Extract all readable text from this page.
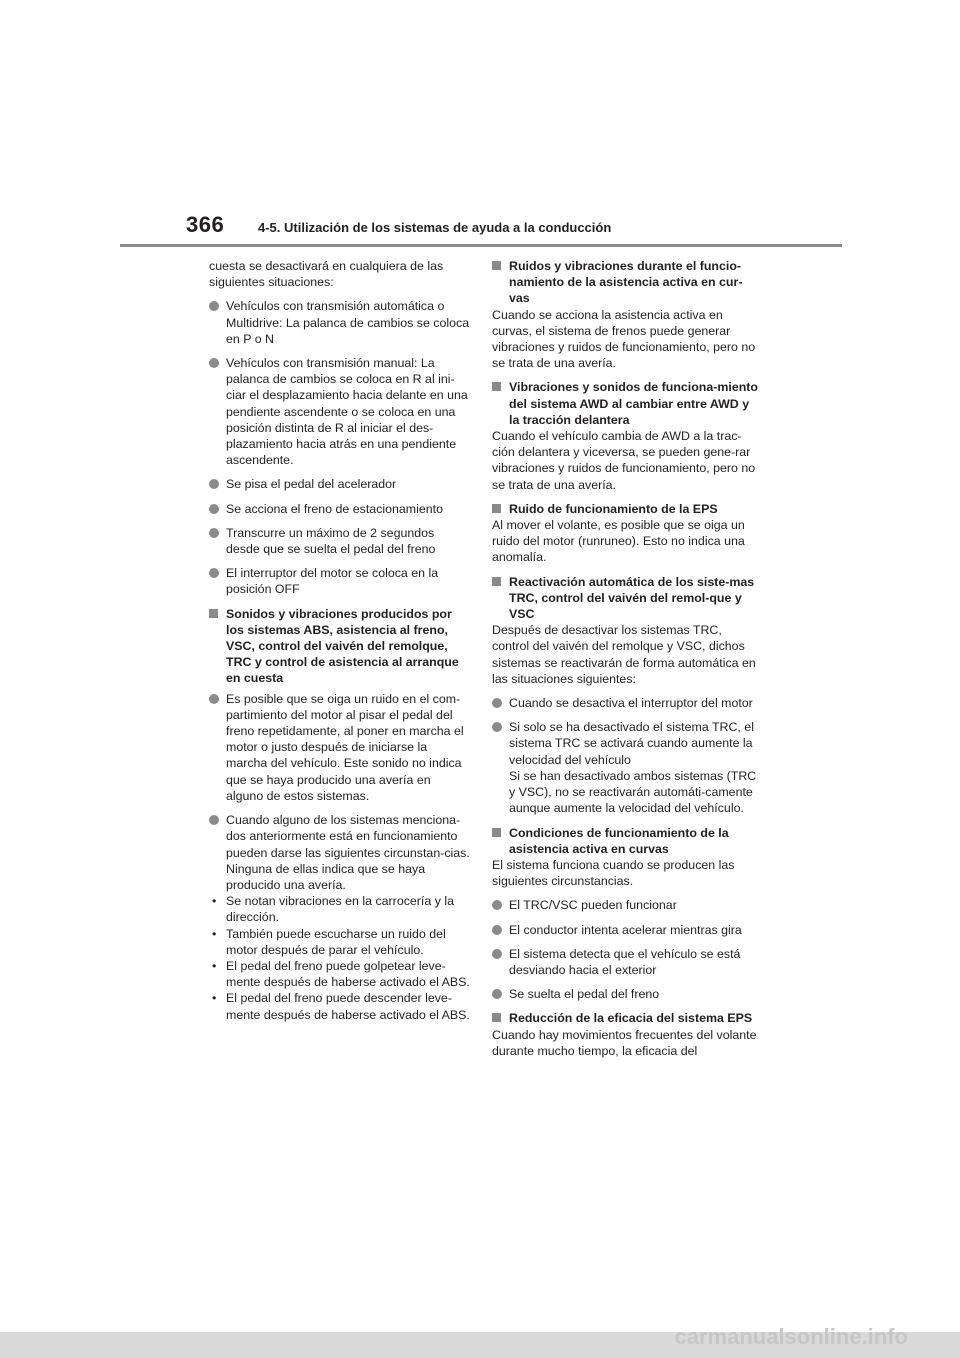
366	4-5. Utilización de los sistemas de ayuda a la conducción
cuesta se desactivará en cualquiera de las siguientes situaciones:
Vehículos con transmisión automática o Multidrive: La palanca de cambios se coloca en P o N
Vehículos con transmisión manual: La palanca de cambios se coloca en R al ini-ciar el desplazamiento hacia delante en una pendiente ascendente o se coloca en una posición distinta de R al iniciar el des-plazamiento hacia atrás en una pendiente ascendente.
Se pisa el pedal del acelerador
Se acciona el freno de estacionamiento
Transcurre un máximo de 2 segundos desde que se suelta el pedal del freno
El interruptor del motor se coloca en la posición OFF
Sonidos y vibraciones producidos por los sistemas ABS, asistencia al freno, VSC, control del vaivén del remolque, TRC y control de asistencia al arranque en cuesta
Es posible que se oiga un ruido en el com-partimiento del motor al pisar el pedal del freno repetidamente, al poner en marcha el motor o justo después de iniciarse la marcha del vehículo. Este sonido no indica que se haya producido una avería en alguno de estos sistemas.
Cuando alguno de los sistemas menciona-dos anteriormente está en funcionamiento pueden darse las siguientes circunstan-cias. Ninguna de ellas indica que se haya producido una avería.
• Se notan vibraciones en la carrocería y la dirección.
• También puede escucharse un ruido del motor después de parar el vehículo.
• El pedal del freno puede golpetear leve-mente después de haberse activado el ABS.
• El pedal del freno puede descender leve-mente después de haberse activado el ABS.
Ruidos y vibraciones durante el funcio-namiento de la asistencia activa en cur-vas
Cuando se acciona la asistencia activa en curvas, el sistema de frenos puede generar vibraciones y ruidos de funcionamiento, pero no se trata de una avería.
Vibraciones y sonidos de funciona-miento del sistema AWD al cambiar entre AWD y la tracción delantera
Cuando el vehículo cambia de AWD a la trac-ción delantera y viceversa, se pueden gene-rar vibraciones y ruidos de funcionamiento, pero no se trata de una avería.
Ruido de funcionamiento de la EPS
Al mover el volante, es posible que se oiga un ruido del motor (runruneo). Esto no indica una anomalía.
Reactivación automática de los siste-mas TRC, control del vaivén del remol-que y VSC
Después de desactivar los sistemas TRC, control del vaivén del remolque y VSC, dichos sistemas se reactivarán de forma automática en las situaciones siguientes:
Cuando se desactiva el interruptor del motor
Si solo se ha desactivado el sistema TRC, el sistema TRC se activará cuando aumente la velocidad del vehículo
Si se han desactivado ambos sistemas (TRC y VSC), no se reactivarán automáti-camente aunque aumente la velocidad del vehículo.
Condiciones de funcionamiento de la asistencia activa en curvas
El sistema funciona cuando se producen las siguientes circunstancias.
El TRC/VSC pueden funcionar
El conductor intenta acelerar mientras gira
El sistema detecta que el vehículo se está desviando hacia el exterior
Se suelta el pedal del freno
Reducción de la eficacia del sistema EPS
Cuando hay movimientos frecuentes del volante durante mucho tiempo, la eficacia del
carmanualsonline.info
